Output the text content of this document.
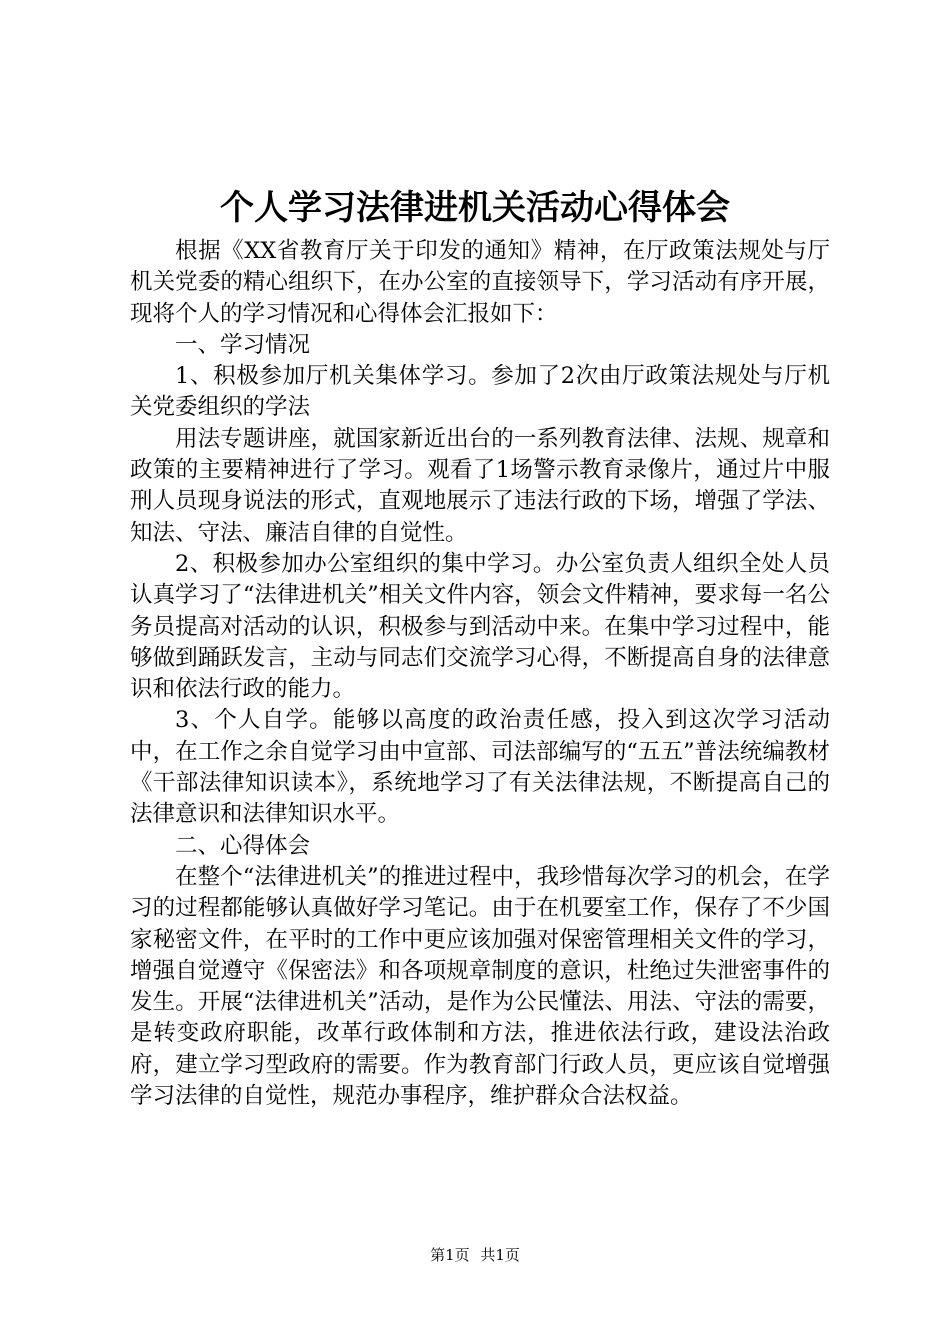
个人学习法律进机关活动心得体会

根据《XX省教育厅关于印发的通知》精神，在厅政策法规处与厅机关党委的精心组织下，在办公室的直接领导下，学习活动有序开展，现将个人的学习情况和心得体会汇报如下：

一、学习情况

1、积极参加厅机关集体学习。参加了2次由厅政策法规处与厅机关党委组织的学法

用法专题讲座，就国家新近出台的一系列教育法律、法规、规章和政策的主要精神进行了学习。观看了1场警示教育录像片，通过片中服刑人员现身说法的形式，直观地展示了违法行政的下场，增强了学法、知法、守法、廉洁自律的自觉性。

2、积极参加办公室组织的集中学习。办公室负责人组织全处人员认真学习了“法律进机关”相关文件内容，领会文件精神，要求每一名公务员提高对活动的认识，积极参与到活动中来。在集中学习过程中，能够做到踊跃发言，主动与同志们交流学习心得，不断提高自身的法律意识和依法行政的能力。

3、个人自学。能够以高度的政治责任感，投入到这次学习活动中，在工作之余自觉学习由中宣部、司法部编写的“五五”普法统编教材《干部法律知识读本》，系统地学习了有关法律法规，不断提高自己的法律意识和法律知识水平。

二、心得体会

在整个“法律进机关”的推进过程中，我珍惜每次学习的机会，在学习的过程都能够认真做好学习笔记。由于在机要室工作，保存了不少国家秘密文件，在平时的工作中更应该加强对保密管理相关文件的学习，增强自觉遵守《保密法》和各项规章制度的意识，杜绝过失泄密事件的发生。开展“法律进机关”活动，是作为公民懂法、用法、守法的需要，是转变政府职能，改革行政体制和方法，推进依法行政，建设法治政府，建立学习型政府的需要。作为教育部门行政人员，更应该自觉增强学习法律的自觉性，规范办事程序，维护群众合法权益。

第1页 共1页
